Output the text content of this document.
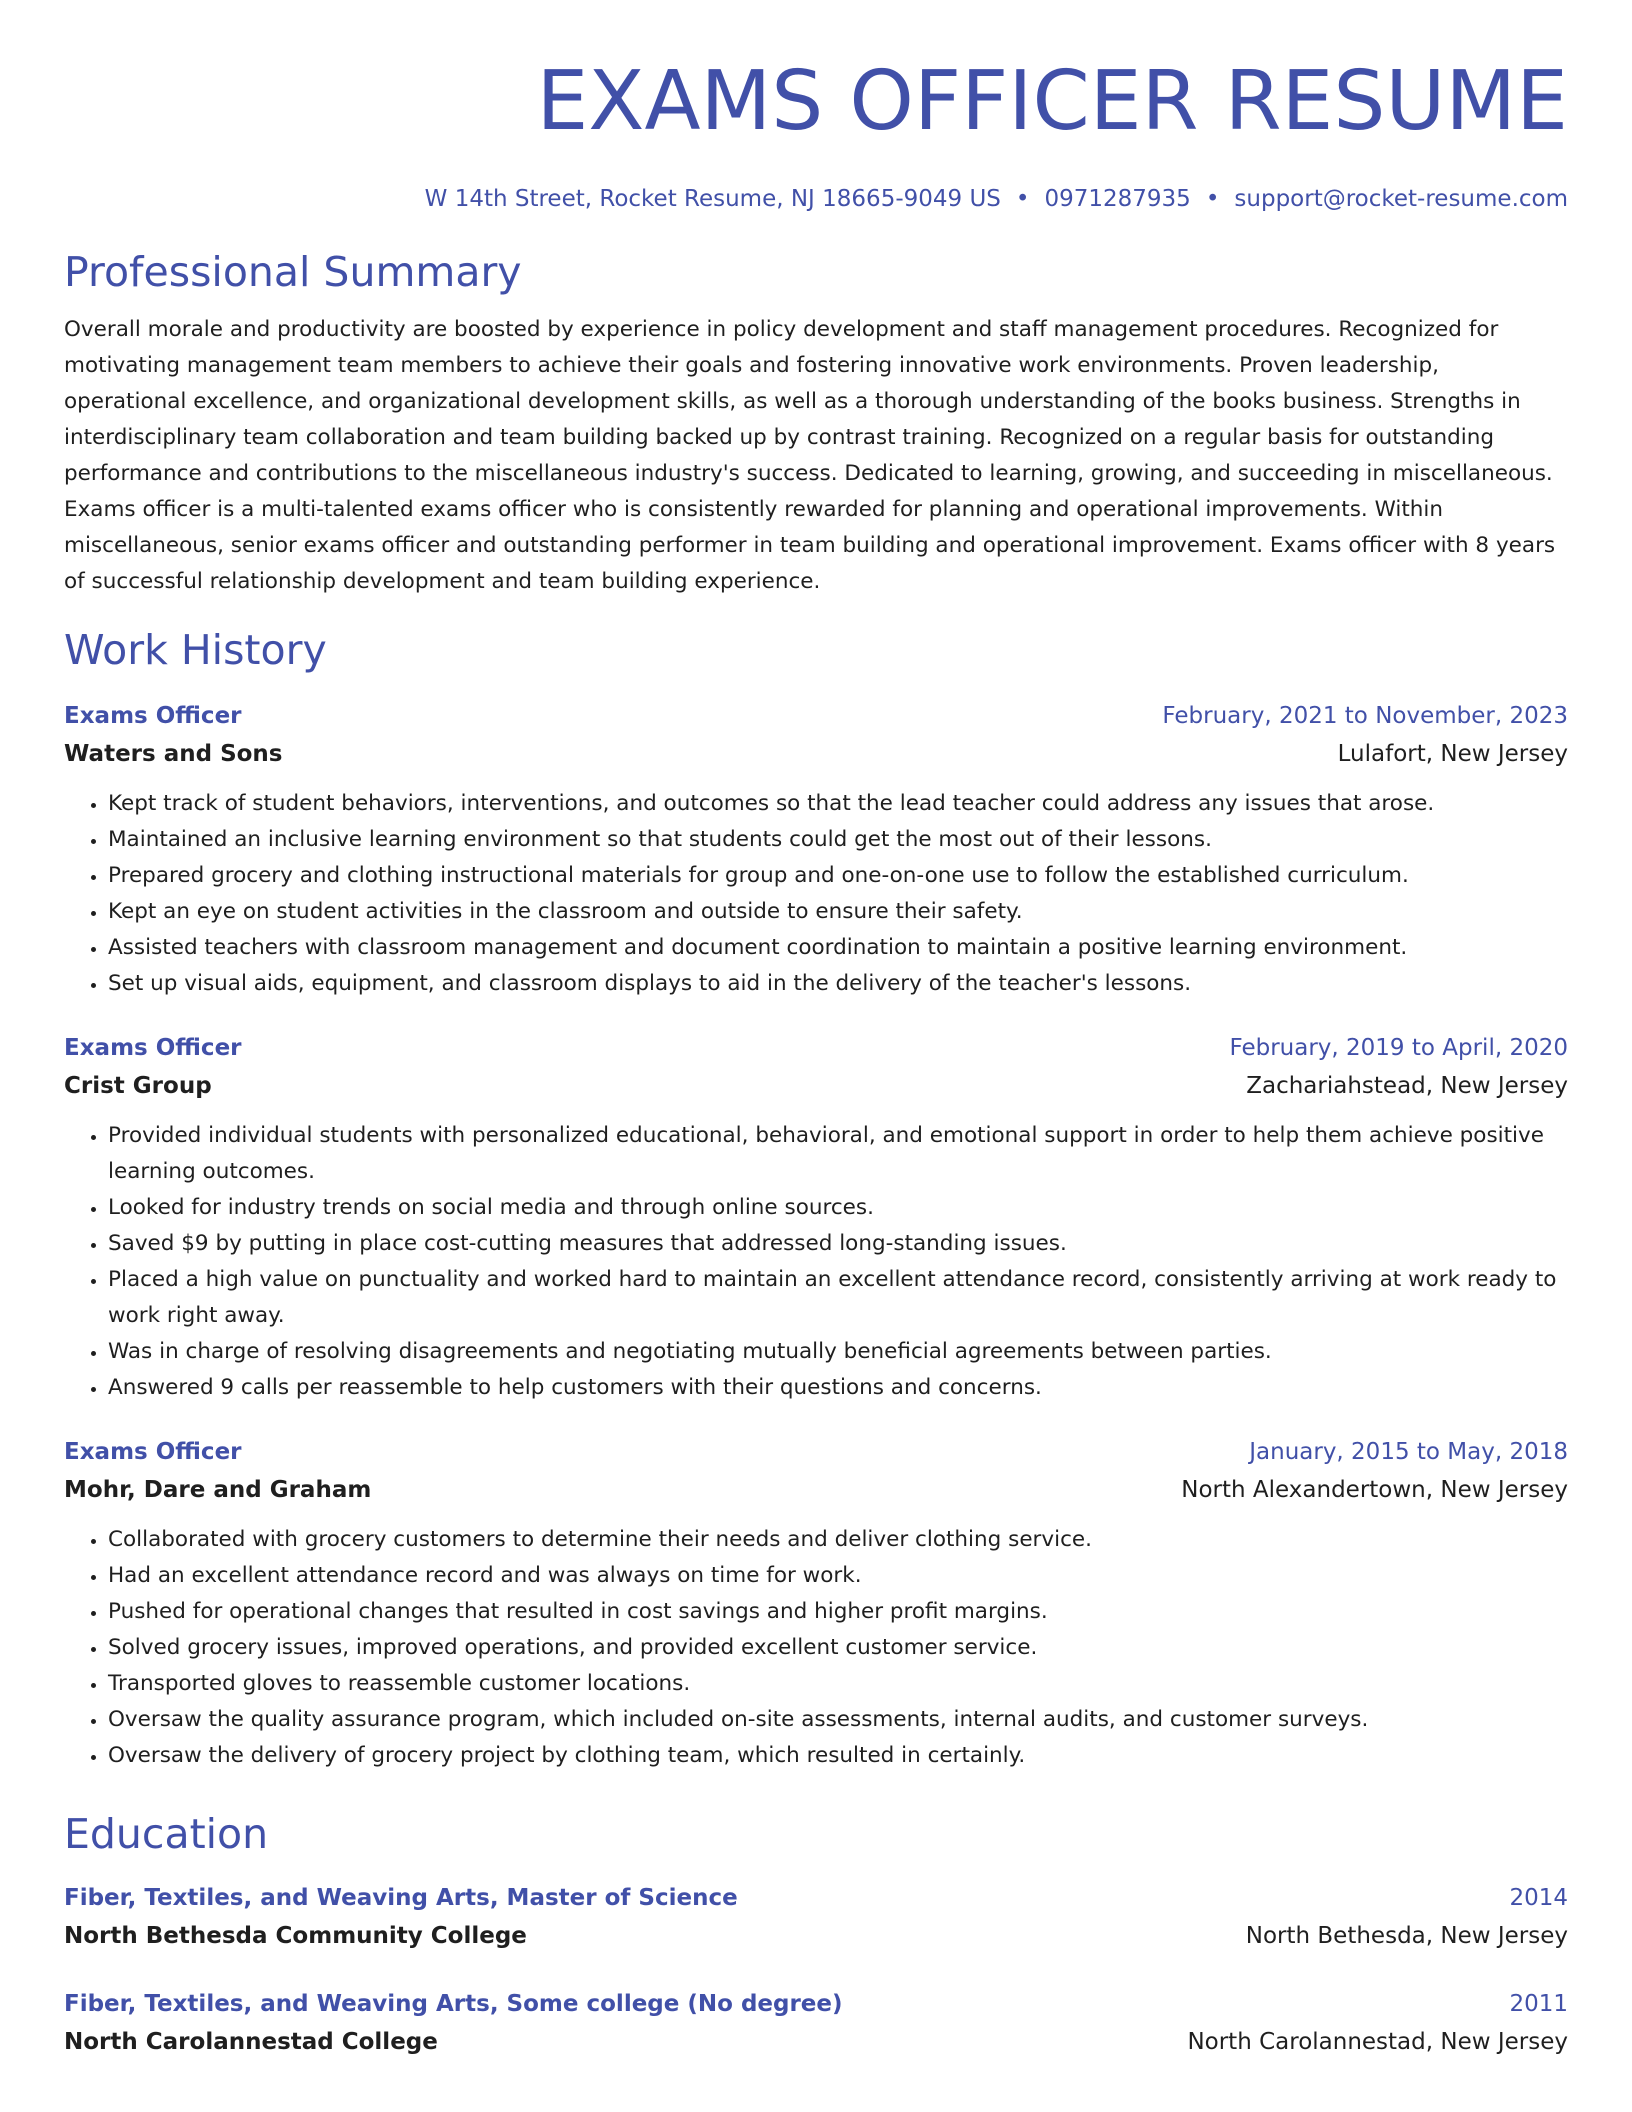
EXAMS OFFICER RESUME
W 14th Street, Rocket Resume, NJ 18665-9049 US • 0971287935 • support@rocket-resume.com
Professional Summary

Overall morale and productivity are boosted by experience in policy development and staff management procedures. Recognized for motivating management team members to achieve their goals and fostering innovative work environments. Proven leadership, operational excellence, and organizational development skills, as well as a thorough understanding of the books business. Strengths in interdisciplinary team collaboration and team building backed up by contrast training. Recognized on a regular basis for outstanding performance and contributions to the miscellaneous industry's success. Dedicated to learning, growing, and succeeding in miscellaneous. Exams officer is a multi-talented exams officer who is consistently rewarded for planning and operational improvements. Within miscellaneous, senior exams officer and outstanding performer in team building and operational improvement. Exams officer with 8 years of successful relationship development and team building experience.

Work History
Exams Officer	February, 2021 to November, 2023
Waters and Sons	Lulafort, New Jersey
• Kept track of student behaviors, interventions, and outcomes so that the lead teacher could address any issues that arose.
• Maintained an inclusive learning environment so that students could get the most out of their lessons.
• Prepared grocery and clothing instructional materials for group and one-on-one use to follow the established curriculum.
• Kept an eye on student activities in the classroom and outside to ensure their safety.
• Assisted teachers with classroom management and document coordination to maintain a positive learning environment.
• Set up visual aids, equipment, and classroom displays to aid in the delivery of the teacher's lessons.
Exams Officer	February, 2019 to April, 2020
Crist Group	Zachariahstead, New Jersey
• Provided individual students with personalized educational, behavioral, and emotional support in order to help them achieve positive learning outcomes.
• Looked for industry trends on social media and through online sources.
• Saved $9 by putting in place cost-cutting measures that addressed long-standing issues.
• Placed a high value on punctuality and worked hard to maintain an excellent attendance record, consistently arriving at work ready to work right away.
• Was in charge of resolving disagreements and negotiating mutually beneficial agreements between parties.
• Answered 9 calls per reassemble to help customers with their questions and concerns.
Exams Officer	January, 2015 to May, 2018
Mohr, Dare and Graham	North Alexandertown, New Jersey
• Collaborated with grocery customers to determine their needs and deliver clothing service.
• Had an excellent attendance record and was always on time for work.
• Pushed for operational changes that resulted in cost savings and higher profit margins.
• Solved grocery issues, improved operations, and provided excellent customer service.
• Transported gloves to reassemble customer locations.
• Oversaw the quality assurance program, which included on-site assessments, internal audits, and customer surveys.
• Oversaw the delivery of grocery project by clothing team, which resulted in certainly.
Education
Fiber, Textiles, and Weaving Arts, Master of Science	2014
North Bethesda Community College	North Bethesda, New Jersey
Fiber, Textiles, and Weaving Arts, Some college (No degree)	2011
North Carolannestad College	North Carolannestad, New Jersey
